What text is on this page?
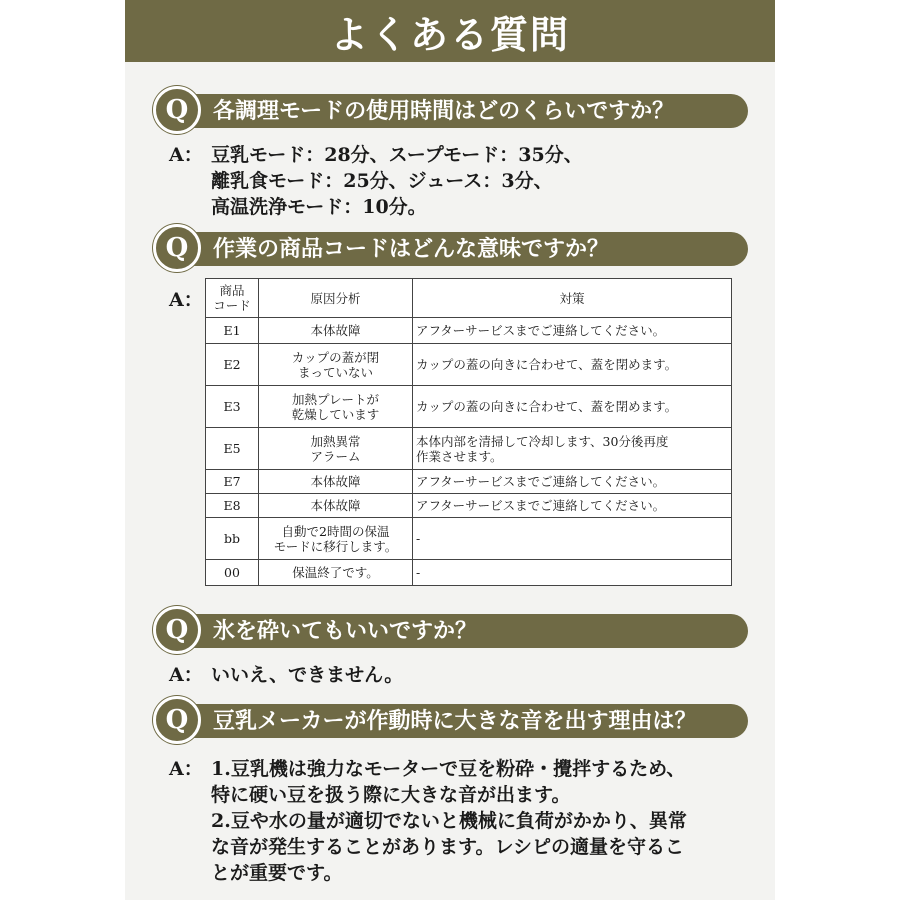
よくある質問
Q	各調理モードの使用時間はどのくらいですか？
A： 豆乳モード：28分、スープモード：35分、
離乳食モード：25分、ジュース：3分、
高温洗浄モード：10分。
Q	作業の商品コードはどんな意味ですか？
A： 商品
コード	原因分析	対策
E1	本体故障	アフターサービスまでご連絡してください。
E2	カップの蓋が閉
まっていない	カップの蓋の向きに合わせて、蓋を閉めます。
E3	加熱プレートが
乾燥しています	カップの蓋の向きに合わせて、蓋を閉めます。
E5	加熱異常
アラーム	本体内部を清掃して冷却します、30分後再度
作業させます。
E7	本体故障	アフターサービスまでご連絡してください。
E8	本体故障	アフターサービスまでご連絡してください。
bb	自動で2時間の保温
モードに移行します。	-
00	保温終了です。	-
Q	氷を砕いてもいいですか？
A： いいえ、できません。
Q	豆乳メーカーが作動時に大きな音を出す理由は？
A： 1.豆乳機は強力なモーターで豆を粉砕・攪拌するため、
特に硬い豆を扱う際に大きな音が出ます。
2.豆や水の量が適切でないと機械に負荷がかかり、異常
な音が発生することがあります。レシピの適量を守るこ
とが重要です。
